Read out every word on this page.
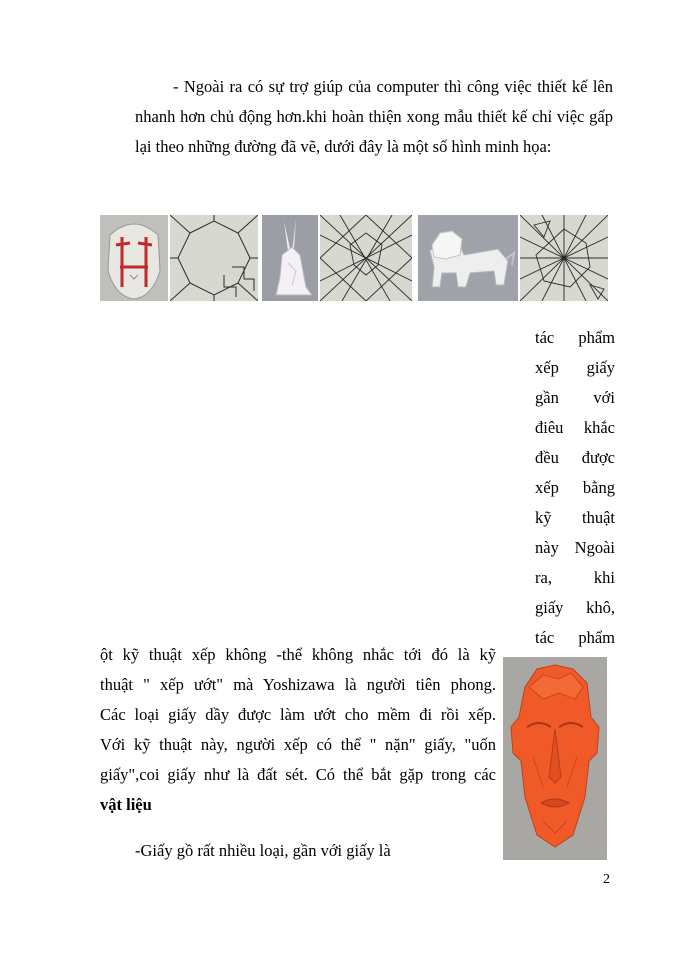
- Ngoài ra có sự trợ giúp của computer thì công việc thiết kế lên nhanh hơn chủ động hơn.khi hoàn thiện xong mẫu thiết kế chỉ việc gấp lại theo những đường đã vẽ, dưới đây là một số hình minh họa:
tác phẩm
xếp giấy
gần với
điêu khắc
đều được
xếp bằng
kỹ thuật
này Ngoài
ra, khi
giấy khô,
tác phẩm
ột kỹ thuật xếp không -thể không nhắc tới đó là kỹ
thuật " xếp ướt" mà Yoshizawa là người tiên phong.
Các loại giấy dầy được làm ướt cho mềm đi rồi xếp.
Với kỹ thuật này, người xếp có thể " nặn" giấy, "uốn
giấy",coi giấy như là đất sét. Có thể bắt gặp trong các
vật liệu
-Giấy gồ rất nhiều loại, gần với giấy là
2
